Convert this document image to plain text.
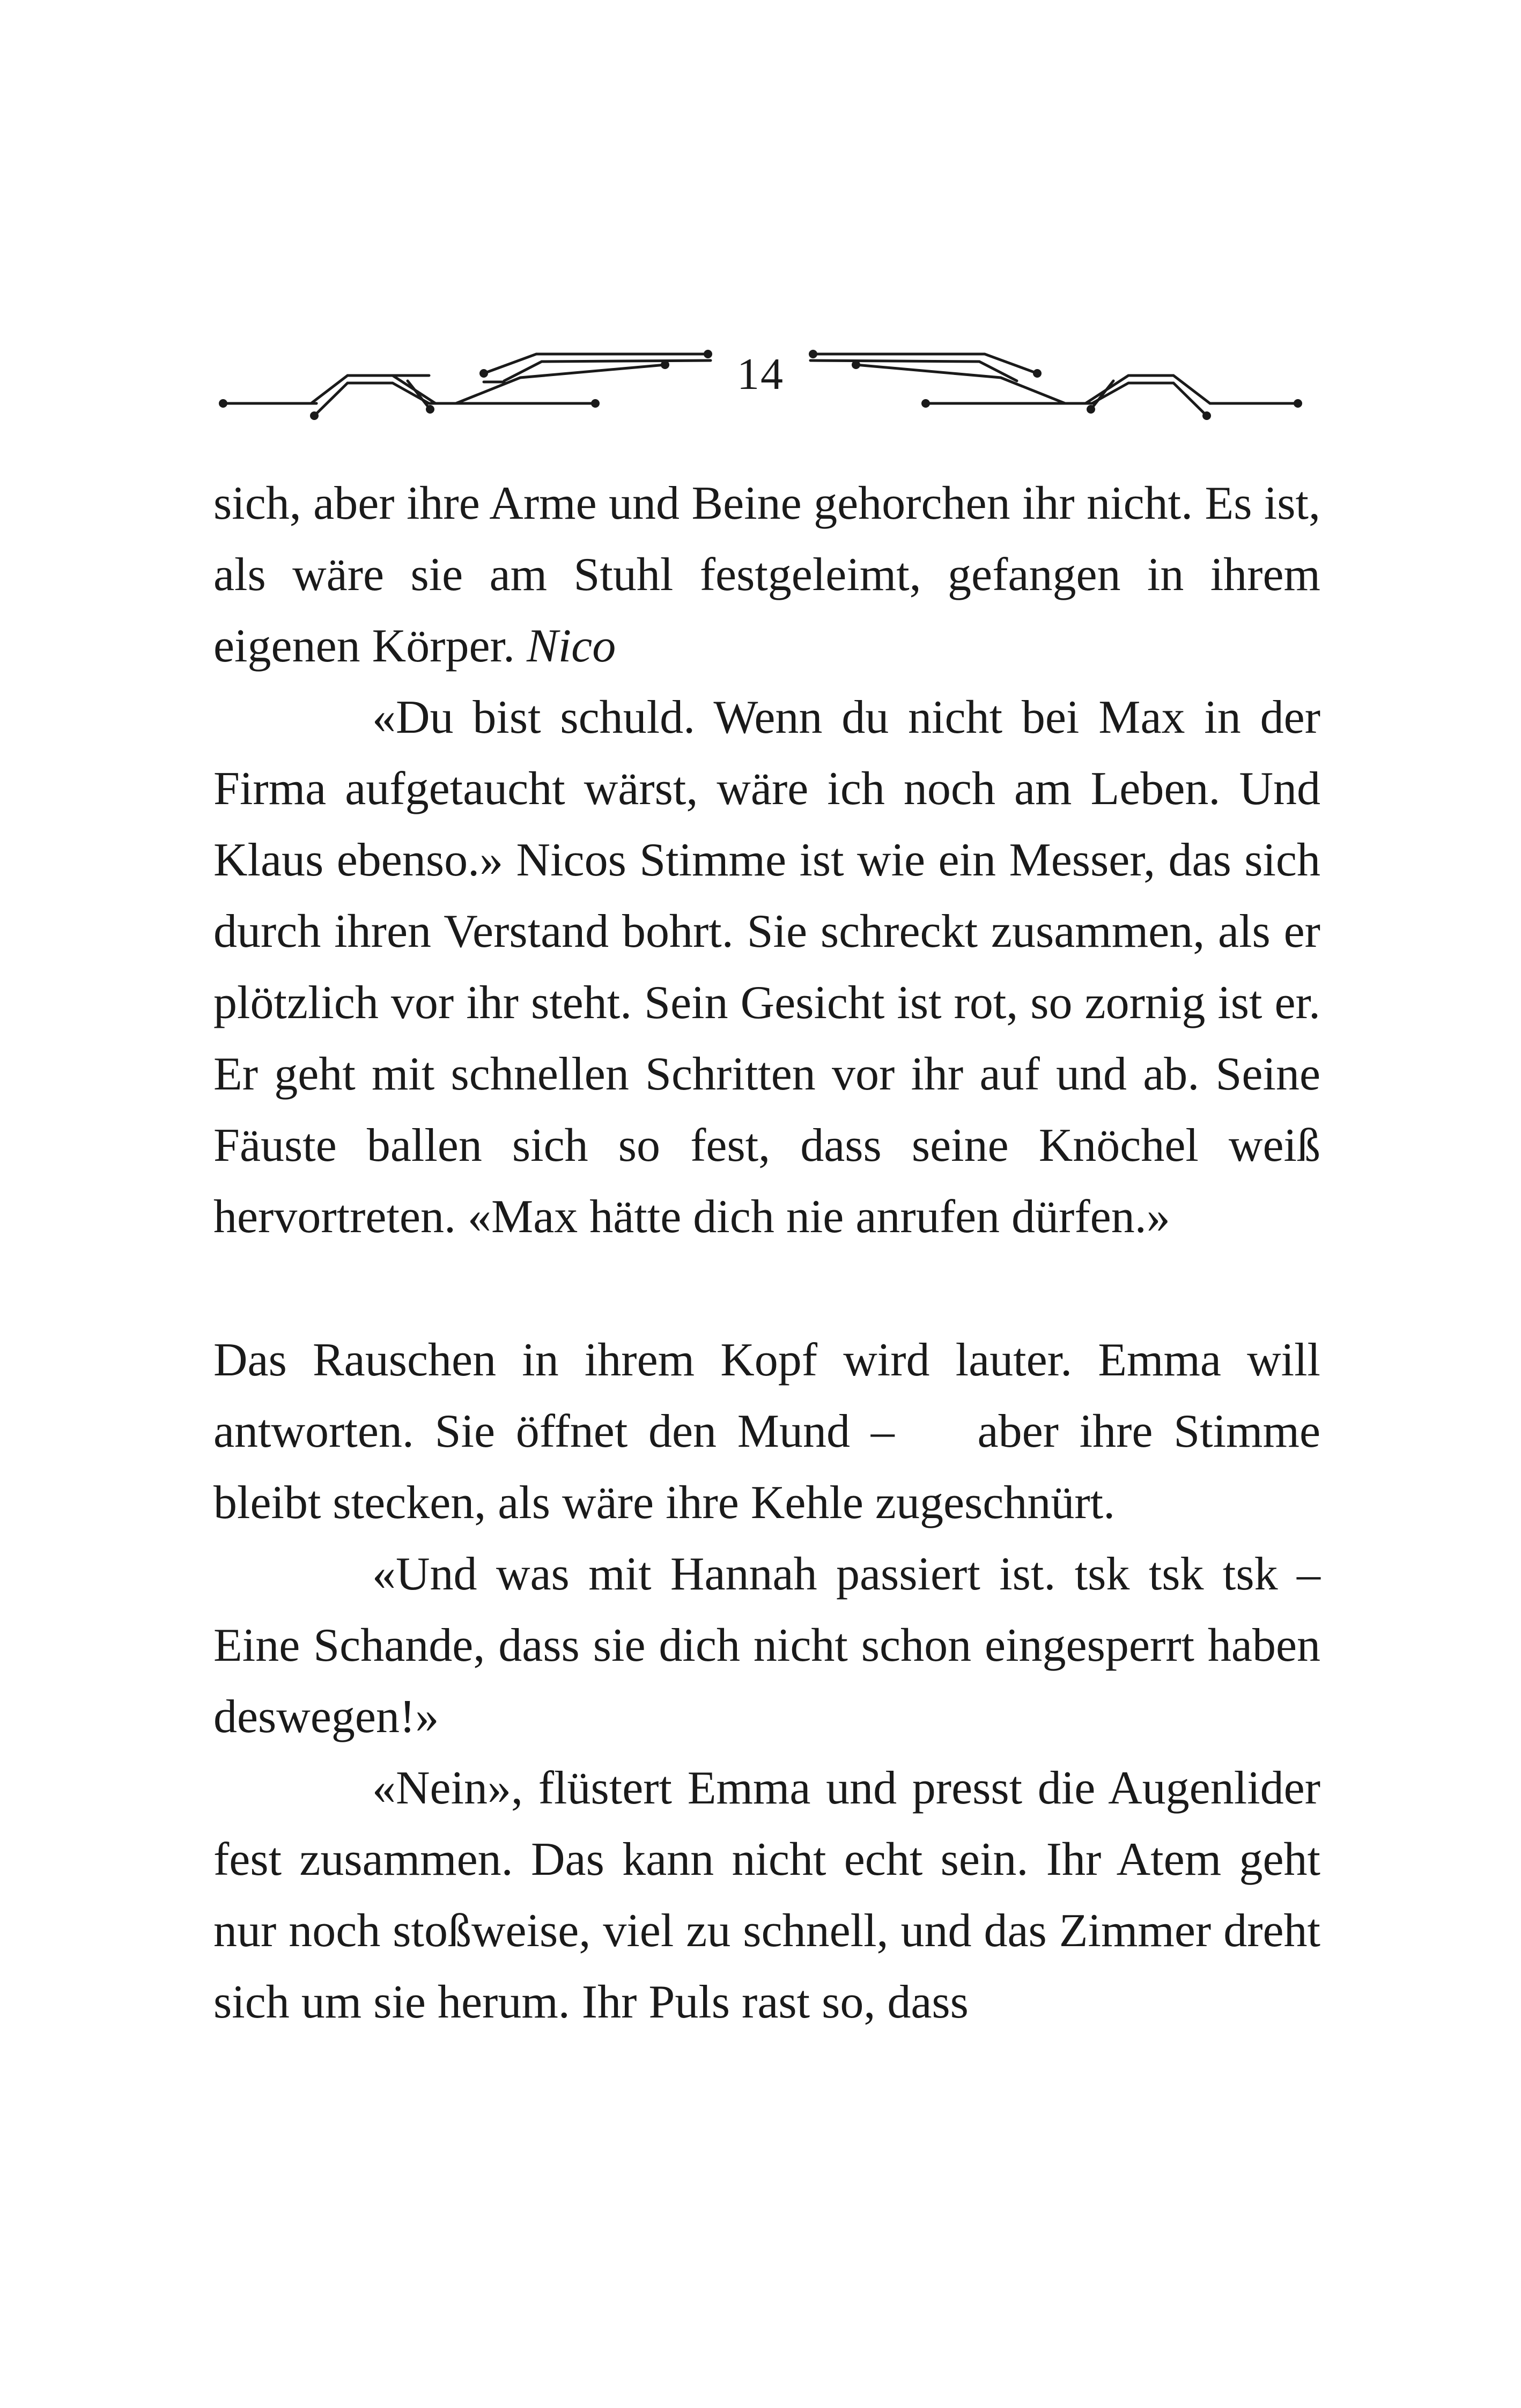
14

sich, aber ihre Arme und Beine gehorchen ihr nicht. Es ist, als wäre sie am Stuhl festgeleimt, gefangen in ihrem eigenen Körper. Nico

«Du bist schuld. Wenn du nicht bei Max in der Firma aufgetaucht wärst, wäre ich noch am Leben. Und Klaus ebenso.» Nicos Stimme ist wie ein Messer, das sich durch ihren Verstand bohrt. Sie schreckt zusammen, als er plötzlich vor ihr steht. Sein Gesicht ist rot, so zornig ist er. Er geht mit schnellen Schritten vor ihr auf und ab. Seine Fäuste ballen sich so fest, dass seine Knöchel weiß hervortreten. «Max hätte dich nie anrufen dürfen.»

Das Rauschen in ihrem Kopf wird lauter. Emma will antworten. Sie öffnet den Mund –    aber ihre Stimme bleibt stecken, als wäre ihre Kehle zugeschnürt.

«Und was mit Hannah passiert ist. tsk tsk tsk – Eine Schande, dass sie dich nicht schon eingesperrt haben deswegen!»

«Nein», flüstert Emma und presst die Augenlider fest zusammen. Das kann nicht echt sein. Ihr Atem geht nur noch stoßweise, viel zu schnell, und das Zimmer dreht sich um sie herum. Ihr Puls rast so, dass
